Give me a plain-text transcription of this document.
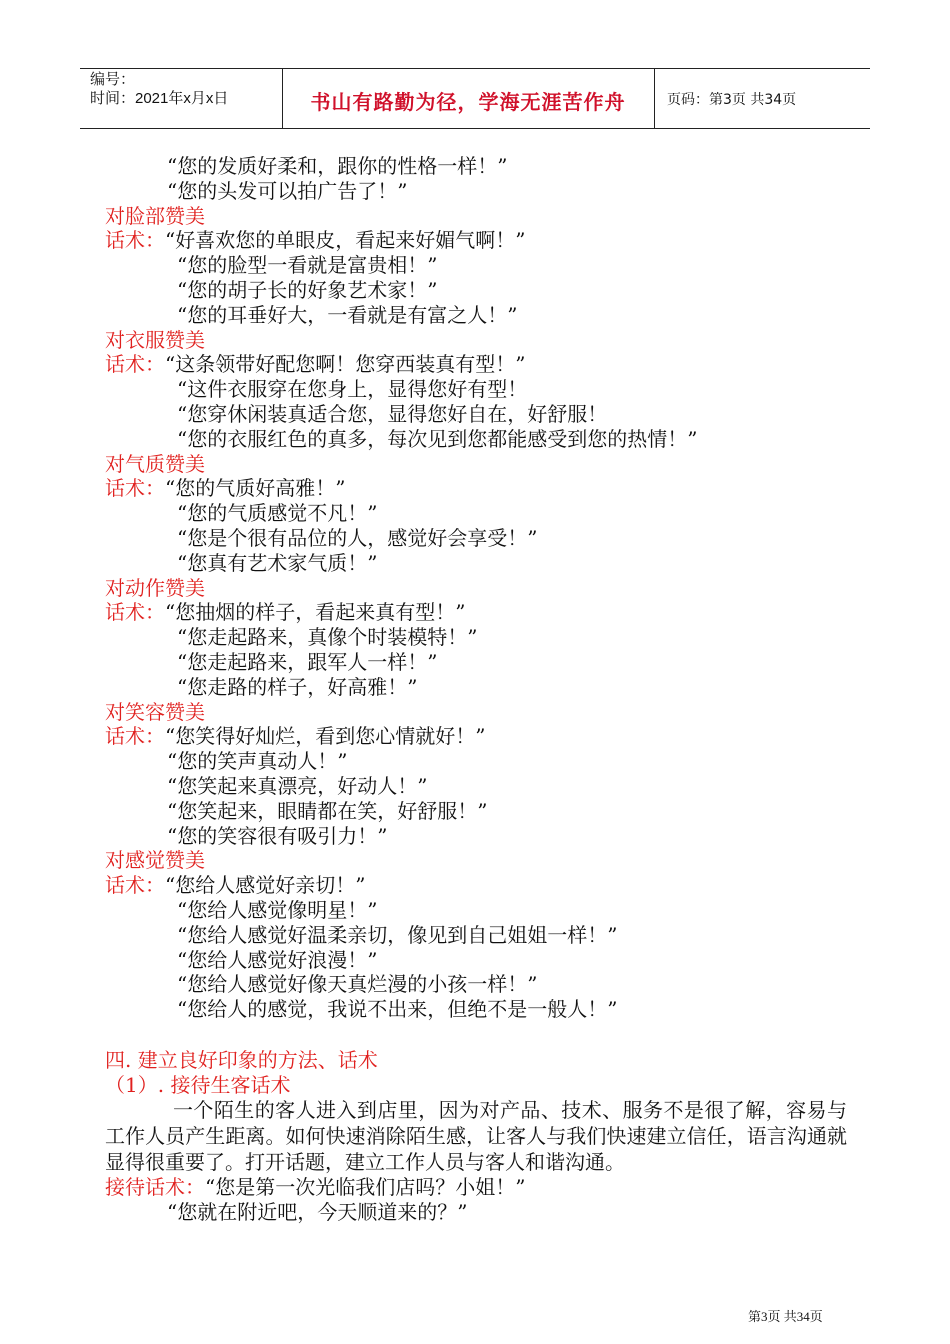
编号：
时间：2021年x月x日	书山有路勤为径，学海无涯苦作舟	页码：第3页 共34页
“您的发质好柔和，跟你的性格一样！”
“您的头发可以拍广告了！”
对脸部赞美
话术：“好喜欢您的单眼皮，看起来好媚气啊！”
“您的脸型一看就是富贵相！”
“您的胡子长的好象艺术家！”
“您的耳垂好大，一看就是有富之人！”
对衣服赞美
话术：“这条领带好配您啊！您穿西装真有型！”
“这件衣服穿在您身上，显得您好有型！
“您穿休闲装真适合您，显得您好自在，好舒服！
“您的衣服红色的真多，每次见到您都能感受到您的热情！”
对气质赞美
话术：“您的气质好高雅！”
“您的气质感觉不凡！”
“您是个很有品位的人，感觉好会享受！”
“您真有艺术家气质！”
对动作赞美
话术：“您抽烟的样子，看起来真有型！”
“您走起路来，真像个时装模特！”
“您走起路来，跟军人一样！”
“您走路的样子，好高雅！”
对笑容赞美
话术：“您笑得好灿烂，看到您心情就好！”
“您的笑声真动人！”
“您笑起来真漂亮，好动人！”
“您笑起来，眼睛都在笑，好舒服！”
“您的笑容很有吸引力！”
对感觉赞美
话术：“您给人感觉好亲切！”
“您给人感觉像明星！”
“您给人感觉好温柔亲切，像见到自己姐姐一样！”
“您给人感觉好浪漫！”
“您给人感觉好像天真烂漫的小孩一样！”
“您给人的感觉，我说不出来，但绝不是一般人！”
四. 建立良好印象的方法、话术
（1）. 接待生客话术
一个陌生的客人进入到店里，因为对产品、技术、服务不是很了解，容易与工作人员产生距离。如何快速消除陌生感，让客人与我们快速建立信任，语言沟通就显得很重要了。打开话题，建立工作人员与客人和谐沟通。
接待话术：“您是第一次光临我们店吗？小姐！”
“您就在附近吧，今天顺道来的？”
第3页 共34页
